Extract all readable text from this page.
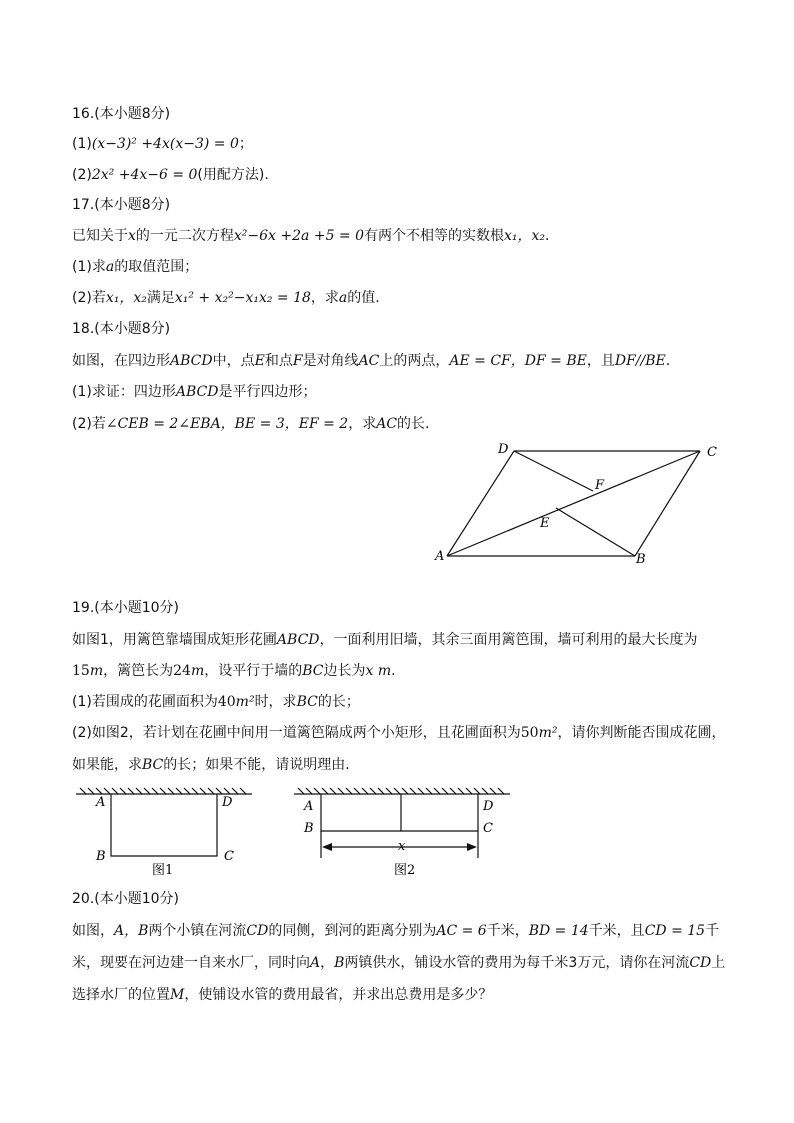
16.(本小题8分)
(1)(x−3)² +4x(x−3) = 0；
(2)2x² +4x−6 = 0(用配方法).
17.(本小题8分)
已知关于x的一元二次方程x²−6x +2a +5 = 0有两个不相等的实数根x₁，x₂.
(1)求a的取值范围；
(2)若x₁，x₂满足x₁² + x₂²−x₁x₂ = 18，求a的值.
18.(本小题8分)
如图，在四边形ABCD中，点E和点F是对角线AC上的两点，AE = CF，DF = BE，且DF//BE.
(1)求证：四边形ABCD是平行四边形；
(2)若∠CEB = 2∠EBA，BE = 3，EF = 2，求AC的长.
A	B
C
D
E
F
19.(本小题10分)
如图1，用篱笆靠墙围成矩形花圃ABCD，一面利用旧墙，其余三面用篱笆围，墙可利用的最大长度为
15m，篱笆长为24m，设平行于墙的BC边长为x m.
(1)若围成的花圃面积为40m²时，求BC的长；
(2)如图2，若计划在花圃中间用一道篱笆隔成两个小矩形，且花圃面积为50m²，请你判断能否围成花圃，
如果能，求BC的长；如果不能，请说明理由.
A	D
B	C
图1
A	D
B	C
x
图2
20.(本小题10分)
如图，A，B两个小镇在河流CD的同侧，到河的距离分别为AC = 6千米，BD = 14千米，且CD = 15千
米，现要在河边建一自来水厂，同时向A，B两镇供水，铺设水管的费用为每千米3万元，请你在河流CD上
选择水厂的位置M，使铺设水管的费用最省，并求出总费用是多少？
